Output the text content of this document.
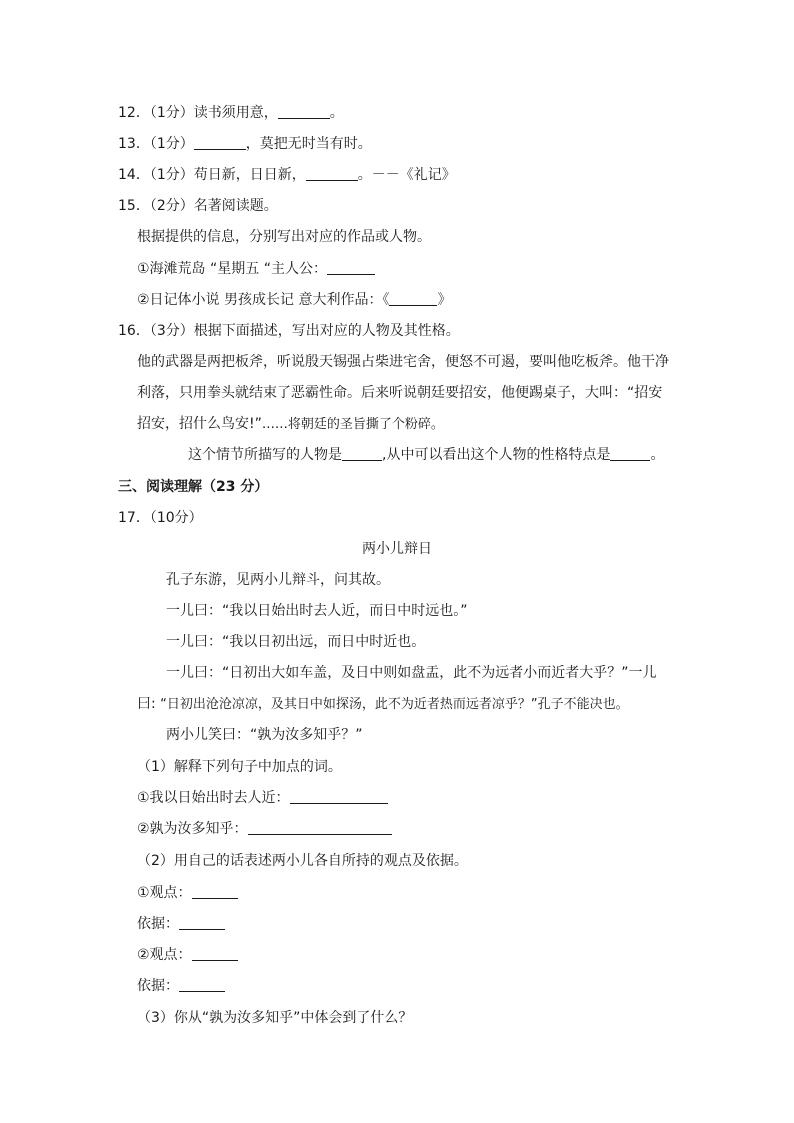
12．（1分）读书须用意，	。
13．（1分）	，莫把无时当有时。
14．（1分）苟日新，日日新，	。－－《礼记》
15．（2分）名著阅读题。
根据提供的信息，分别写出对应的作品或人物。
①海滩荒岛 “星期五 “主人公：
②日记体小说 男孩成长记 意大利作品：《	》
16．（3分）根据下面描述，写出对应的人物及其性格。
他的武器是两把板斧，听说殷天锡强占柴进宅舍，便怒不可遏，要叫他吃板斧。他干净
利落，只用拳头就结束了恶霸性命。后来听说朝廷要招安，他便踢桌子，大叫：“招安
招安，招什么鸟安!”……将朝廷的圣旨撕了个粉碎。
这个情节所描写的人物是	,从中可以看出这个人物的性格特点是	。
三、阅读理解（23 分）
17．（10分）
两小儿辩日
孔子东游，见两小儿辩斗，问其故。
一儿曰：“我以日始出时去人近，而日中时远也。”
一儿曰：“我以日初出远，而日中时近也。
一儿曰：“日初出大如车盖，及日中则如盘盂，此不为远者小而近者大乎？”一儿
曰: “日初出沧沧凉凉，及其日中如探汤，此不为近者热而远者凉乎？”孔子不能决也。
两小儿笑曰：“孰为汝多知乎？”
（1）解释下列句子中加点的词。
①我以日始出时去人近：
②孰为汝多知乎：
（2）用自己的话表述两小儿各自所持的观点及依据。
①观点：
依据：
②观点：
依据：
（3）你从“孰为汝多知乎”中体会到了什么？
